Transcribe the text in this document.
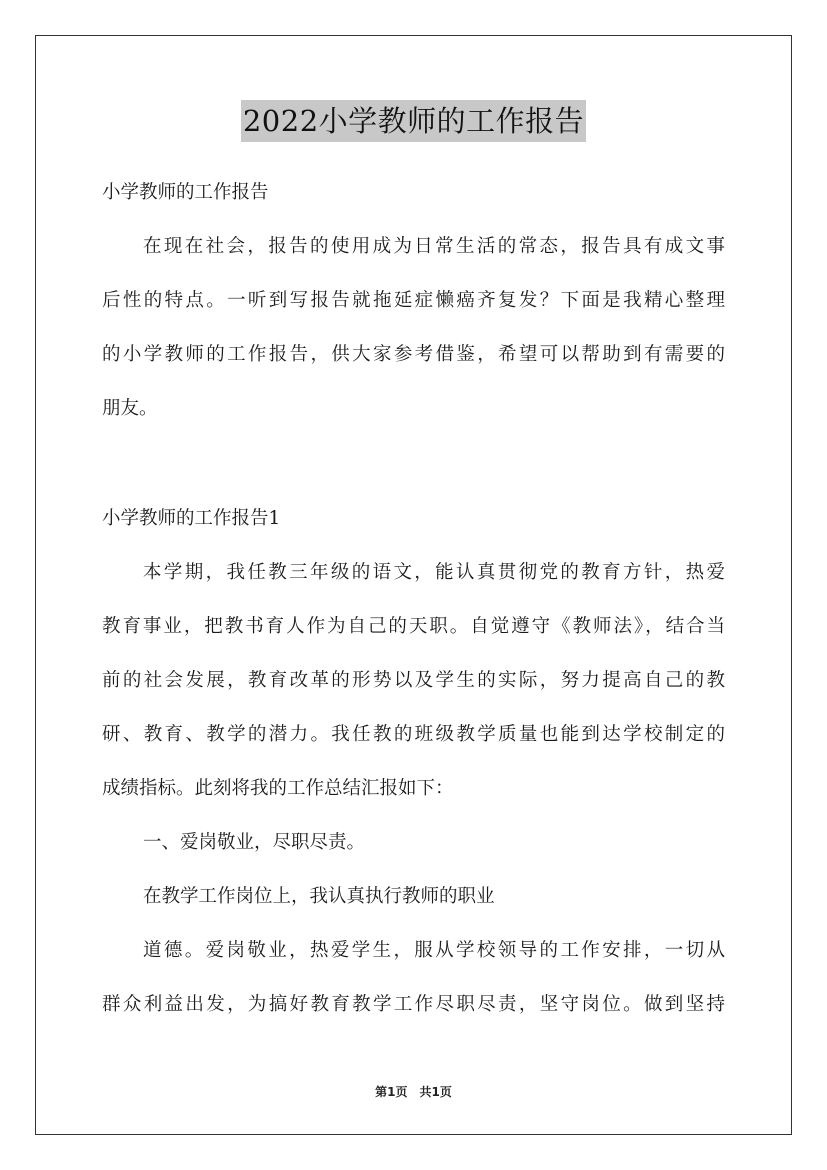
2022小学教师的工作报告
小学教师的工作报告
在现在社会，报告的使用成为日常生活的常态，报告具有成文事
后性的特点。一听到写报告就拖延症懒癌齐复发？下面是我精心整理
的小学教师的工作报告，供大家参考借鉴，希望可以帮助到有需要的
朋友。
小学教师的工作报告1
本学期，我任教三年级的语文，能认真贯彻党的教育方针，热爱
教育事业，把教书育人作为自己的天职。自觉遵守《教师法》，结合当
前的社会发展，教育改革的形势以及学生的实际，努力提高自己的教
研、教育、教学的潜力。我任教的班级教学质量也能到达学校制定的
成绩指标。此刻将我的工作总结汇报如下：
一、爱岗敬业，尽职尽责。
在教学工作岗位上，我认真执行教师的职业
道德。爱岗敬业，热爱学生，服从学校领导的工作安排，一切从
群众利益出发，为搞好教育教学工作尽职尽责，坚守岗位。做到坚持
第1页　共1页
